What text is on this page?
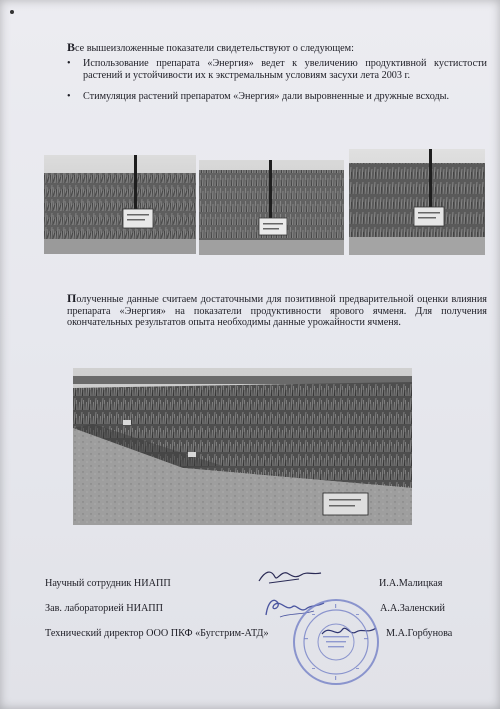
Все вышеизложенные показатели свидетельствуют о следующем:
•	Использование препарата «Энергия» ведет к увеличению продуктивной кустистости растений и устойчивости их к экстремальным условиям засухи лета 2003 г.
•	Стимуляция растений препаратом «Энергия» дали выровненные и дружные всходы.
Полученные данные считаем достаточными для позитивной предварительной оценки влияния препарата «Энергия» на показатели продуктивности ярового ячменя. Для получения окончательных результатов опыта необходимы данные урожайности ячменя.
Научный сотрудник НИАПП	И.А.Малицкая
Зав. лабораторией НИАПП	А.А.Заленский
Технический директор ООО ПКФ «Бугстрим-АТД»	М.А.Горбунова
